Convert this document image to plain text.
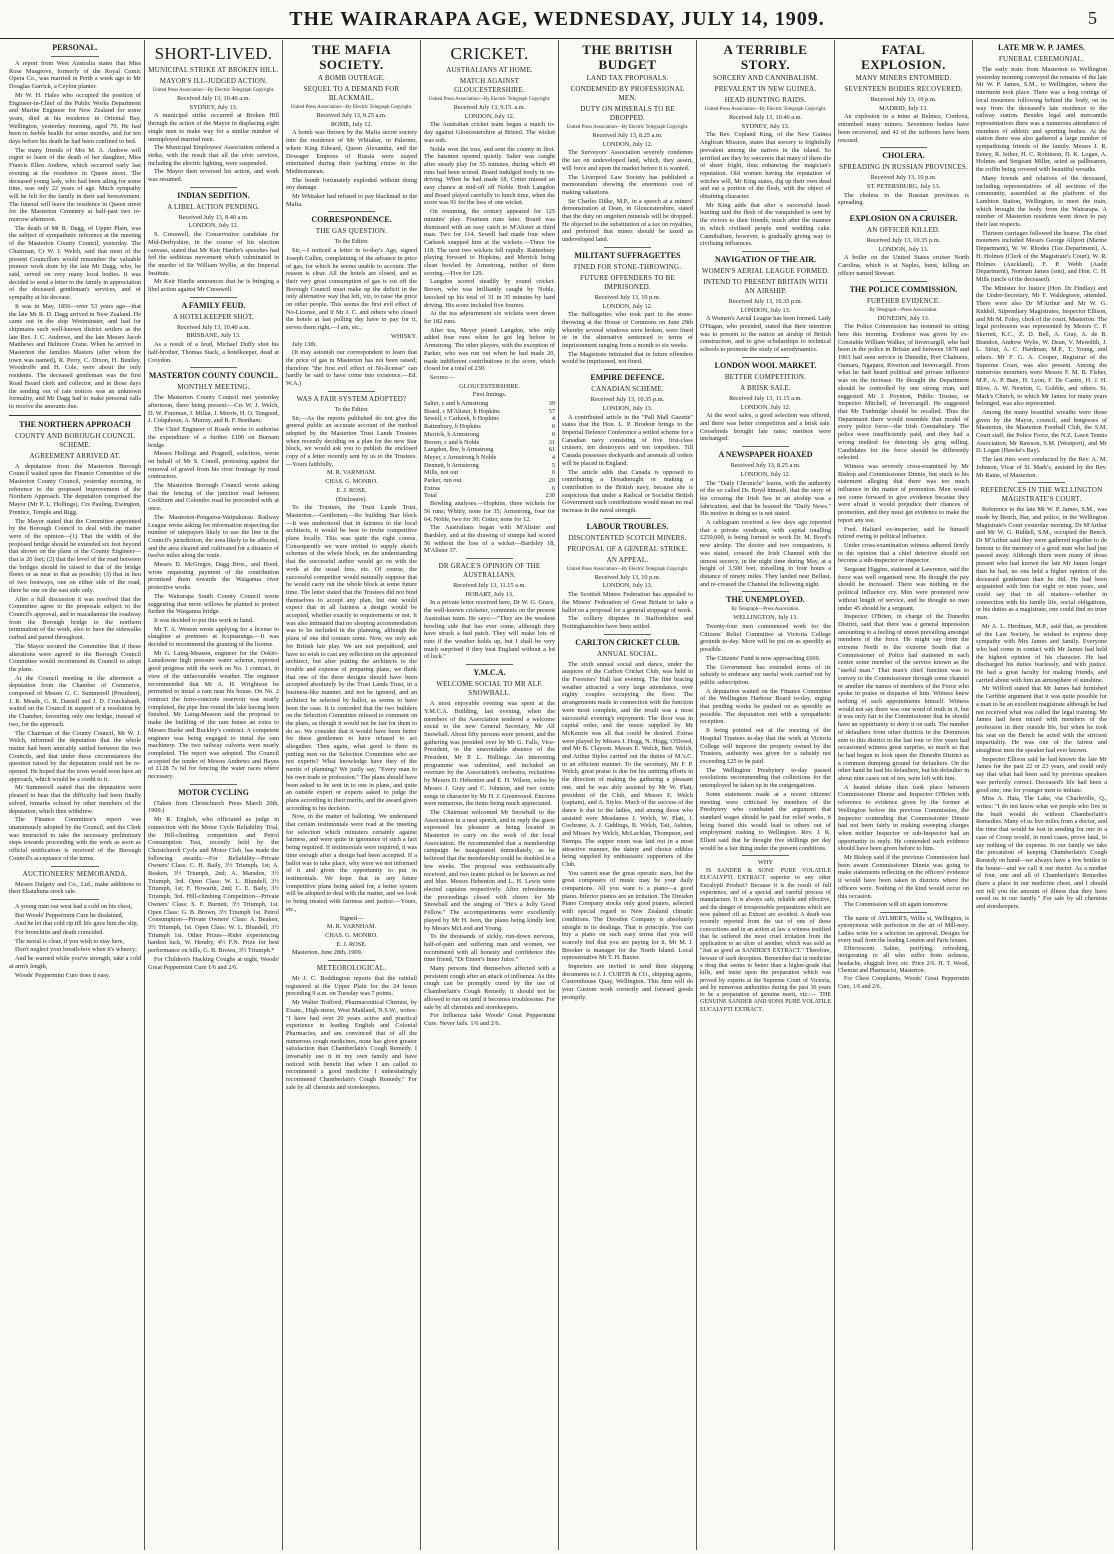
THE WAIRARAPA AGE, WEDNESDAY, JULY 14, 1909.	5
PERSONAL.

A report from West Australia states that Miss Rose Musgrove, formerly of the Royal Comic Opera Co., was married in Perth a week ago to Mr Douglas Garrick, a Ceylon planter.

Mr W. H. Hales who occupied the position of Engineer-in-Chief of the Public Works Department and Marine Engineer for New Zealand for some years, died at his residence in Oriental Bay, Wellington, yesterday morning, aged 79. He had been in feeble health for some months, and for ten days before his death he had been confined to bed.

The many friends of Mrs M. A. Andrew will regret to learn of the death of her daughter, Miss Francis Ellen Andrew, which occurred early last evening at the residence in Queen street. The deceased young lady, who had been ailing for some time, was only 22 years of age. Much sympathy will be felt for the family in their sad bereavement. The funeral will leave the residence in Queen street for the Masterton Cemetery at half-past two to-morrow afternoon.

The death of Mr R. Dagg, of Upper Plain, was the subject of sympathetic reference at the meeting of the Masterton County Council, yesterday. The Chairman, Cr W. J. Welch, said that most of the present Councillors would remember the valuable pioneer work done by the late Mr Dagg, who, he said, served on very many local bodies. It was decided to send a letter to the family in appreciation of the deceased gentleman's services, and of sympathy at his decease.

It was in May, 1856—over 53 years ago—that the late Mr R. D. Dagg arrived in New Zealand. He came out in the ship Westminster, and had for shipmates such well-known district settlers as the late Rev. J. C. Andrews, and the late Messrs Jacob Matthews and Helmore Crane. When he arrived in Masterton the families Masters (after whom the town was named), R. Perry, C. Dixon, H. Bentley, Woodroffe and H. Cole, were about the only residents. The deceased gentleman was the first Road Board clerk and collector, and in those days the sending out of rate notices was an unknown formality, and Mr Dagg had to make personal calls to receive the amounts due.

THE NORTHERN APPROACH
COUNTY AND BOROUGH COUNCIL SCHEME.
AGREEMENT ARRIVED AT.

A deputation from the Masterton Borough Council waited upon the Finance Committee of the Masterton County Council, yesterday morning, in reference to the proposed improvement of the Northern Approach. The deputation comprised the Mayor (Mr P. L. Hollings), Crs Pauling, Ewington, Prentice, Temple and Rigg.

The Mayor stated that the Committee appointed by the Borough Council to deal with the matter were of the opinion—(1) That the width of the proposed bridge should be extended six feet beyond that shown on the plans of the County Engineer—that is 20 feet; (2) that the level of the road between the bridges should be raised to that of the bridge floors or as near to that as possible; (3) that in lieu of two footways, one on either side of the road, there be one on the east side only.

After a full discussion it was resolved that the Committee agree to the proposals subject to the Council's approval, and to macadamise the roadway from the Borough bridge to the northern termination of the work, also to have the sidewalks curbed and paved throughout.

The Mayor secured the Committee that if these alterations were agreed to the Borough Council Committee would recommend its Council to adopt the plans.

At the Council meeting in the afternoon a deputation from the Chamber of Commerce, composed of Messrs G. C. Summerell (President), J. R. Meade, G. R. Daniell and J. D. Cruickshank, waited on the Council in support of a resolution by the Chamber, favouring only one bridge, instead of two, for the approach.

The Chairman of the County Council, Mr W. J. Welch, informed the deputation that the whole matter had been amicably settled between the two Councils, and that under these circumstances the question raised by the deputation could not be re-opened. He hoped that the town would soon have an approach, which would be a credit to it.

Mr Summerell stated that the deputation were pleased to hear that the difficulty had been finally solved, remarks echoed by other members of the deputation, which then withdrew.

The Finance Committee's report was unanimously adopted by the Council, and the Clerk was instructed to take the necessary preliminary steps towards proceeding with the work as soon as official notification is received of the Borough Council's acceptance of the terms.

AUCTIONEERS' MEMORANDA.

Messrs Dalgety and Co., Ltd., make additions to their Ekatahuna stock sale.

A young man out west had a cold on his chest,

But Woods' Peppermint Cure he disdained,

And he let that cold rip till life gave him the slip,

For bronchitis and death coincided.

The moral is clear, if you wish to stay here,

Don't neglect your breath-box when it's wheezy;

And be warned while you've strength, take a cold at arm's length,

Woods' Peppermint Cure does it easy.

SHORT-LIVED.
MUNICIPAL STRIKE AT BROKEN HILL.
MAYOR'S ILL-JUDGED ACTION.
United Press Association—By Electric Telegraph Copyright.
Received July 13, 10.40 a.m.
SYDNEY, July 13.

A municipal strike occurred at Broken Hill through the action of the Mayor in displacing eight single men to make way for a similar number of unemployed married men.

The Municipal Employees' Association ordered a strike, with the result that all the civic services, including the electric lighting, were suspended.

The Mayor then reversed his action, and work was resumed.

INDIAN SEDITION.
A LIBEL ACTION PENDING.
Received July 13, 8.40 a.m.
LONDON, July 12.

S. Cresswell, the Conservative candidate for Mid-Derbyshire, in the course of his election canvass, stated that Mr Keir Hardie's speeches had fed the seditious movement which culminated in the murder of Sir William Wyllie, at the Imperial Institute.

Mr Keir Hardie announces that he is bringing a libel action against Mr Cresswell.

A FAMILY FEUD.
A HOTELKEEPER SHOT.
Received July 13, 10.40 a.m.
BRISBANE, July 13.

As a result of a feud, Michael Duffy shot his half-brother, Thomas Stack, a hotelkeeper, dead at Croydon.

MASTERTON COUNTY COUNCIL.
MONTHLY MEETING.

The Masterton County Council met yesterday afternoon, there being present:—Crs W. J. Welch, D. W. Foreman, J. Millar, J. Morris, H. O. Tongood, J. Colquhoun, A. Murray, and R. F. Beetham.

The Chief Engineer of Roads wrote to authorise the expenditure of a further £100 on Burnam bridge.

Messrs Hollings and Pragnell, solicitors, wrote on behalf of Mr S. Conoll, protesting against the removal of gravel from his river frontage by road contractors.

The Masterton Borough Council wrote asking that the fencing of the junction road between Cockburn and Colombo road be proceeded with at once.

The Masterton-Pongaroa-Waipukurau Railway League wrote asking for information respecting the number of ratepayers likely to use the line in the Council's jurisdiction, the area likely to be affected, and the area cleared and cultivated for a distance of twelve miles along the route.

Messrs D. McGregor, Dagg Bros., and Hood, wrote requesting payment of the contribution promised them towards the Waiganua river protective works.

The Wairarapa South County Council wrote suggesting that more willows be planted to protect further the Waiganua bridge.

It was decided to put this work in hand.

Mr T. A. Weston wrote applying for a license to slaughter at premises at Kopuaranga.—It was decided to recommend the granting of the license.

Mr G. Laing-Meason, engineer for the Ookiri-Lansdowne high pressure water scheme, reported good progress with the work on No. 1 contract, in view of the unfavourable weather. The engineer recommended that Mr A. H. Wrightson be permitted to instal a ram near his house. On No. 2 contract the ferro-concrete reservoir was nearly completed, the pipe line round the lake having been finished. Mr Laing-Meason said the proposal to make the building of the ram house an extra to Messrs Burke and Buckley's contract. A competent engineer was being engaged to instal the ram machinery. The two railway culverts were nearly completed. The report was adopted. The Council accepted the tender of Messrs Andrews and Hayes of £128 7s 6d for fencing the water races where necessary.

MOTOR CYCLING

(Taken from Christchurch Press March 20th, 1909.)

Mr R. English, who officiated as judge in connection with the Motor Cycle Reliability Trial, the Hill-climbing competition and Petrol Consumption Test, recently held by the Christchurch Cycle and Motor Club, has made the following awards:—For Reliability—Private Owners' Class: C. H. Baily, 3½ Triumph, 1st; A. Beaken, 3½ Triumph, 2nd; A. Marsden, 3½ Triumph, 3rd. Open Class: W. L. Blundell, 3½ Triumph, 1st; F. Howarth, 2nd; C. E. Baily, 3½ Triumph, 3rd. Hill-climbing Competition—Private Owners' Class: S. F. Burnett, 3½ Triumph, 1st. Open Class: G. B. Brown, 3½ Triumph 1st. Petrol Consumption—Private Owners' Class: A. Beaken, 3½ Triumph, 1st. Open Class: W. L. Blundell, 3½ Triumph 1st. Other Prizes—Rider experiencing hardest luck, W. Hendry, 4½ F.N. Prize for best performance on hills, G. B. Brown, 3½ Triumph.*

For Children's Hacking Coughs at night, Woods' Great Peppermint Cure 1/6 and 2/6.

THE MAFIA SOCIETY.
A BOMB OUTRAGE.
SEQUEL TO A DEMAND FOR BLACKMAIL.
United Press Association—By Electric Telegraph Copyright.
Received July 13, 8.25 a.m.
ROME, July 12.

A bomb was thrown by the Mafia secret society into the residence of Mr Whitaker, in Palermo, where King Edward, Queen Alexandra, and the Dowager Empress of Russia were stayed entertained during their yachting cruise in the Mediterranean.

The bomb fortunately exploded without doing any damage.

Mr Whitaker had refused to pay blackmail to the Mafia.

CORRESPONDENCE.
THE GAS QUESTION.
To the Editor.

Sir,—I noticed a letter in to-day's Age, signed Joseph Cullen, complaining of the advance in price of gas, for which he seems unable to account. The reason is clear. All the hotels are closed, and as their very great consumption of gas is cut off the Borough Council must make up the deficit in the only alternative way that left, viz, to raise the price on other people. This seems the first evil effect of No-License, and if Mr J. C. and others who closed the hotels at last polling day have to pay for it, serves them right.—I am, etc.,

WHISKY.

July 13th.

(It may astonish our correspondent to learn that the price of gas in Masterton has not been raised; therefore "the first evil effect of No-license" can hardly be said to have come into existence.—Ed. W.A.)

WAS A FAIR SYSTEM ADOPTED?
To the Editor.

Sir,—As the reports published do not give the general public an accurate account of the method adopted by the Masterton Trust Lands Trustees when recently deciding on a plan for the new Star block, we would ask you to publish the enclosed copy of a letter recently sent by us to the Trustees.—Yours faithfully,

M. R. VARNHAM.
CHAS. G. MONRO.
E. J. ROSE.
(Enclosure).

To the Trustees, the Trust Lands Trust, Masterton.—Gentlemen,—Re building Star block—It was understood that in fairness to the local architects, it would be best to invite competitive plans locally. This was quite the right course. Consequently we were invited to supply sketch schemes of the whole block, on the understanding that the successful author would go on with the work at the usual fees, etc. Of course, the successful competitor would naturally suppose that he would carry out the whole block at some future time. The letter stated that the Trustees did not bind themselves to accept any plan, but one would expect that in all fairness a design would be accepted, whether exactly to requirements or not. It was also intimated that no sleeping accommodation was to be included in the planning, although the plans of one did contain some. Now, we only ask for British fair play. We are not prejudiced, and have no wish to cast any reflection on the appointed architect, but after putting the architects to the trouble and expense of preparing plans, we think that one of the three designs should have been accepted absolutely by the Trust Lands Trust, in a business-like manner, and not be ignored, and an architect be selected by ballot, as seems to have been the case. It is conceded that the two builders on the Selection Committee refused to comment on the plans, as though it would not be fair for them to do so. We consider that it would have been better for these gentlemen to have refused to act altogether. Then again, what good is there in putting men on the Selection Committee who are not experts? What knowledge have they of the merits of planning? We justly say, "Every man to his own trade or profession." The plans should have been asked to be sent in to one in plans, and quite an outside expert or experts asked to judge the plans according to their merits, and the award given according to his decision.

Now, in the matter of balloting. We understand that certain testimonials were read at the meeting for selection which ministers certainly against fairness, and were quite in ignorance of such a fact being required. If testimonials were required, it was time enough after a design had been accepted. If a ballot was to take place, why were we not informed of it and given the opportunity to put in testimonials. We hope that in any future competitive plans being asked for, a better system will be adopted to deal with the matter, and we look to being treated with fairness and justice.—Yours, etc.,

Signed—
M. R. VARNHAM.
CHAS. G. MONRO.
E. J. ROSE.

Masterton, June 28th, 1909.

METEOROLOGICAL.

Mr J. C. Boddington reports that the rainfall registered at the Upper Plain for the 24 hours preceding 9 a.m. on Tuesday was 7 points.

Mr Walter Trafford, Pharmaceutical Chemist, by Exam., High-street, West Maitland, N.S.W., writes: "I have had over 20 years active and practical experience in leading English and Colonial Pharmacies, and am convinced that of all the numerous cough medicines, none has given greater satisfaction than Chamberlain's Cough Remedy. I invariably use it in my own family and have noticed with benefit that when I am called to recommend a good medicine I unhesitatingly recommend Chamberlain's Cough Remedy." For sale by all chemists and storekeepers.

CRICKET.
AUSTRALIANS AT HOME.
MATCH AGAINST GLOUCESTERSHIRE.
United Press Association—By Electric Telegraph Copyright.
Received July 13, 9.15. a.m.
LONDON, July 12.

The Australian cricket team began a match to-day against Gloucestershire at Bristol. The wicket was soft.

Noble won the toss, and sent the county in first. The batsmen opened quietly. Salter was caught after steady play for 55 minutes, during which 49 runs had been scored. Board indulged freely in on-driving. When he had made 18, Cotter missed an easy chance at mid-off off Noble. Both Langdon and Board played carefully to lunch time, when the score was 91 for the loss of one wicket.

On resuming, the century appeared for 125 minutes' play. Fourteen runs later, Board was dismissed with an easy catch to M'Alister at third man. Two for 114. Sewell had made four when Carkeek snapped him at the wickets.—Three for 118. The next two wickets fell rapidly. Rattenbury playing forward to Hopkins, and Merrick being clean bowled by Armstrong, neither of them scoring.—Five for 129.

Langdon scored steadily by sound cricket. Brown, who was brilliantly caught by Noble, knocked up his total of 31 in 35 minutes by hard driving. His score included five fourers.

At the tea adjournment six wickets were down for 182 runs.

After tea, Meyer joined Langdon, who only added four runs when he got leg before to Armstrong. The other players, with the exception of Parker, who was run out when he had made 20, made indifferent contributions to the score, which closed for a total of 230.

Scores:—

GLOUCESTERSHIRE.
First Innings.
Salter, c and b Armstrong	39
Board, c M'Alister, b Hopkins	57
Sewell, c Carkeek, b Hopkins	4
Rattenbury, b Hopkins	0
Merrick, b Armstrong	0
Brown, c and b Noble	31
Langdon, lbw, b Armstrong	61
Meyer, c Armstrong b Noble	4
Dennett, b Armstrong	5
Mills, not out	0
Parker, run out	20
Extras	6
Total	230

Bowling analyses.—Hopkins, three wickets for 56 runs; Whitty, none for 35; Armstrong, four for 64; Noble, two for 30; Cotter, none for 12.

The Australians began with M'Alister and Bardsley, and at the drawing of stumps had scored 56 without the loss of a wicket—Bardsley 18, M'Alister 37.

DR GRACE'S OPINION OF THE AUSTRALIANS.
Received July 13, 11.15 a.m.
HOBART, July 13.

In a private letter received here, Dr W. G. Grace, the well-known cricketer, comments on the present Australian team. He says:—"They are the weakest bowling side that has ever come, although they have struck a bad patch. They will make lots of runs if the weather holds up, but I shall be very much surprised if they beat England without a lot of luck."

Y.M.C.A.
WELCOME SOCIAL TO MR ALF. SNOWBALL.

A most enjoyable evening was spent at the Y.M.C.A. Building, last evening, when the members of the Association tendered a welcome social to the new General Secretary, Mr Alf Snowball. About fifty persons were present, and the gathering was presided over by Mr G. Falls, Vice-President, in the unavoidable absence of the President, Mr P. L. Hollings. An interesting programme was submitted, and included an overture by the Association's orchestra, recitations by Messrs D. Hebenton and E. H. Wilson, solos by Messrs J. Gray and C. Johnson, and two comic songs in character by Mr H. J. Greenwood. Encores were numerous, the items being much appreciated.

The Chairman welcomed Mr Snowball to the Association in a neat speech, and in reply the guest expressed his pleasure at being located in Masterton to carry on the work of the local Association. He recommended that a membership campaign be inaugurated immediately, as he believed that the membership could be doubled in a few weeks. The proposal was enthusiastically received, and two teams picked to be known as red and blue. Messrs Hebenton and L. H. Lewis were elected captains respectively. After refreshments the proceedings closed with cheers for Mr Snowball and the singing of "He's a Jolly Good Fellow." The accompaniments were excellently played by Mr H. Ison, the piano being kindly lent by Messrs McLeod and Young.

To the thousands of sickly, run-down nervous, half-of-pain and suffering man and women, we recommend with all honesty and confidence this time friend, "Dr Ennor's Inner Juice."

Many persons find themselves affected with a persistent cough after an attack of influenza. As this cough can be promptly cured by the use of Chamberlain's Cough Remedy, it should not be allowed to run on until it becomes troublesome. For sale by all chemists and storekeepers.

For Influenza take Woods' Great Peppermint Cure. Never fails. 1/6 and 2/6.

THE BRITISH BUDGET
LAND TAX PROPOSALS.
CONDEMNED BY PROFESSIONAL MEN.
DUTY ON MINERALS TO BE DROPPED.
United Press Association—By Electric Telegraph Copyright.
Received July 13, 8.25 a.m.
LONDON, July 12.

The Surveyors' Association severely condemns the tax on undeveloped land, which, they assert, will force and upon the market before it is wanted.

The Liverpool Law Society has published a memorandum showing the enormous cost of making valuations.

Sir Charles Dilke, M.P., in a speech at a miners' demonstration at Dean, in Gloucestershire, stated that the duty on ungotten minerals will be dropped. He objected to the substitution of a tax on royalties, and preferred that mines should be taxed as undeveloped land.

MILITANT SUFFRAGETTES
FINED FOR STONE-THROWING.
FUTURE OFFENDERS TO BE IMPRISONED.
Received July 13, 10 p.m.
LONDON, July 12.

The Suffragettes who took part in the stone-throwing at the House of Commons on June 29th whereby several windows were broken, were fined or in the alternative sentenced to terms of imprisonment ranging from a month to six weeks.

The Magistrate intimated that in future offenders would be imprisoned, not fined.

EMPIRE DEFENCE.
CANADIAN SCHEME.
Received July 13, 10.35 p.m.
LONDON, July 13.

A contributed article in the "Pall Mall Gazette" states that the Hon. L. P. Brodeur brings to the Imperial Defence Conference a settled scheme for a Canadian navy consisting of five first-class cruisers, ten destroyers and ten torpedoes. Till Canada possesses dockyards and arsenals all orders will be placed in England.

The article adds that Canada is opposed to contributing a Dreadnought or making a contribution to the British navy, because she is suspicious that under a Radical or Socialist British Government such contributions would mean no real increase in the naval strength.

LABOUR TROUBLES.
DISCONTENTED SCOTCH MINERS.
PROPOSAL OF A GENERAL STRIKE.
AN APPEAL.
United Press Association—By Electric Telegraph Copyright.
Received July 13, 10 p.m.
LONDON, July 13.

The Scottish Miners Federation has appealed to the Miners' Federation of Great Britain to take a ballot on a proposal for a general stoppage of work.

The colliery disputes in Staffordshire and Nottinghamshire have been settled.

CARLTON CRICKET CLUB.
ANNUAL SOCIAL.

The sixth annual social and dance, under the auspices of the Carlton Cricket Club, was held in the Foresters' Hall last evening. The fine bracing weather attracted a very large attendance, over eighty couples occupying the floor. The arrangements made in connection with the function were most complete, and the result was a most successful evening's enjoyment. The floor was in capital order, and the music supplied by Mr McKenzie was all that could be desired. Extras were played by Misses J. Hogg, N. Hogg, O'Dowd, and Mr B. Clayson. Messrs E. Welch, Bert. Welch, and Arthur Styles carried out the duties of M.'s.C. in an efficient manner. To the secretary, Mr F. P. Welch, great praise is due for his untiring efforts in the direction of making the gathering a pleasant one, and he was ably assisted by Mr W. Platt, president of the Club, and Messrs E. Welch (captain), and A. Styles. Much of the success of the dance is due to the ladies, and among those who assisted were Mesdames J. Welch, W. Platt, J. Cochrane, A. J. Giddings, B. Welch, Tait, Ashton, and Misses Ivy Welch, McLachlan, Thompson, and Stempa. The supper room was laid out in a most attractive manner, the dainty and choice edibles being supplied by enthusiastic supporters of the Club.

You cannot near the great operatic stars, but the great composers of music may be your daily companions. All you want is a piano—a good piano. Inferior pianos are an irritation. The Dresden Piano Company stocks only good pianos, selected with special regard to New Zealand climatic conditions. The Dresden Company is absolutely straight in its dealings. That is principle. You can buy a piano on such easy terms that you will scarcely feel that you are paying for it. Mr M. J. Brooker is manager for the North Island. Local representative Mr T. H. Baxter.

Importers are invited to send their shipping documents to J. J. CURTIS & CO., shipping agents, Customhouse Quay, Wellington. This firm will do your Custom work correctly and forward goods promptly.

A TERRIBLE STORY.
SORCERY AND CANNIBALISM.
PREVALENT IN NEW GUINEA.
HEAD HUNTING RAIDS.
United Press Association—By Electric Telegraph Copyright.
Received July 13, 10.40 a.m.
SYDNEY, July 13.

The Rev. Copland King, of the New Guinea Anglican Mission, states that sorcery is frightfully prevalent among the natives in the island. So terrified are they by sorcerers that many of them die of sheer fright, thus enhancing the magician's reputation. Old women having the reputation of witches will, Mr King states, dig up their own dead and eat a portion of the flesh, with the object of obtaining character.

Mr King adds that after a successful head-hunting raid the flesh of the vanquished is sent by the victors to their friends, much after the manner in which civilised people send wedding cake. Cannibalism, however, is gradually giving way to civilising influences.

NAVIGATION OF THE AIR.
WOMEN'S AERIAL LEAGUE FORMED.
INTEND TO PRESENT BRITAIN WITH AN AIRSHIP.
Received July 13, 10.35 p.m.
LONDON, July 13.

A Women's Aerial League has been formed. Lady O'Hagan, who presided, stated that their intention was to present to the nation an airship of British construction, and to give scholarships to technical schools to promote the study of aerodynamics.

LONDON WOOL MARKET.
BETTER COMPETITION.
A BRISK SALE.
Received July 13, 11.15 a.m.
LONDON, July 12.

At the wool sales, a good selection was offered, and there was better competition and a brisk sale. Crossbreds brought late rates; merinos were unchanged.

A NEWSPAPER HOAXED
Received July 13, 8.25 a.m.
LONDON, July 12.

The "Daily Chronicle" learns, with the authority of the so called Dr. Boyd himself, that the story of his crossing the Irish Sea in an airship was a fabrication, and that he hoaxed the "Daily News." His motive in doing so is not stated.

A cablegram received a few days ago reported that a private syndicate, with capital totalling £250,000, is being formed to work Dr. M. Boyd's new airship. The doctor and two companions, it was stated, crossed the Irish Channel with the utmost secrecy, in the night time during May, at a height of 3,500 feet, travelling in four hours a distance of ninety miles. They landed near Belfast, and re-crossed the Channel the following night.

THE UNEMPLOYED.
By Telegraph—Press Association.
WELLINGTON, July 13.

Twenty-four men commenced work for the Citizens' Relief Committee at Victoria College grounds to-day. More will be put on as speedily as possible.

The Citizens' Fund is now approaching £600.

The Government has extended terms of its subsidy to embrace any useful work carried out by public subscription.

A deputation waited on the Finance Committee of the Wellington Harbour Board to-day, urging that pending works be pushed on as speedily as possible. The deputation met with a sympathetic reception.

It being pointed out at the meeting of the Hospital Trustees to-day that the work at Victoria College will improve the property owned by the Trustees, authority was given for a subsidy not exceeding £25 to be paid.

The Wellington Presbytery to-day passed resolutions recommending that collections for the unemployed be taken up in the congregations.

Some statements made at a recent citizens' meeting were criticised by members of the Presbytery who combated the argument that standard wages should be paid for relief works, it being feared this would lead to others out of employment rushing to Wellington. Rev. J. K. Elliott said that he thought five shillings per day would be a fair thing under the present conditions.

WHY

IS SANDER & SONS' PURE VOLATILE EUCALYPTI EXTRACT superior to any other Eucalypti Product? Because it is the result of full experience, and of a special and careful process of manufacture. It is always safe, reliable and effective, and the danger of irresponsible preparations which are now palmed off as Extract are avoided. A death was recently reported from the use of one of these concoctions and in an action at law a witness testified that he suffered the most cruel irritation from the application to an ulcer of another, which was sold as "Just as good as SANDER'S EXTRACT." Therefore, beware of such deception. Remember that in medicine a drug that seems to better than a higher-grade that kills, and insist upon the preparation which was proved by experts at the Supreme Court of Victoria, and by numerous authorities during the past 30 years to be a preparation of genuine merit, viz.:— THE GENUINE SANDER AND SONS PURE VOLATILE EUCALYPTI EXTRACT.

FATAL EXPLOSION.
MANY MINERS ENTOMBED.
SEVENTEEN BODIES RECOVERED.
Received July 13, 10 p.m.
MADRID, July 13.

An explosion in a mine at Belmez, Cordova, entombed many miners. Seventeen bodies have been recovered, and 42 of the sufferers have been rescued.

CHOLERA.
SPREADING IN RUSSIAN PROVINCES.
Received July 13, 10 p.m.
ST. PETERSBURG, July 13.

The cholera in the Russian provinces is spreading.

EXPLOSION ON A CRUISER.
AN OFFICER KILLED.
Received July 13, 10.35 p.m.
LONDON, July 13.

A boiler on the United States cruiser North Carolina, which is at Naples, burst, killing an officer named Stewart.

THE POLICE COMMISSION.
FURTHER EVIDENCE.
By Telegraph—Press Association.
DUNEDIN, July 13.

The Police Commission has resumed its sitting here this morning. Evidence was given by ex-Constable William Walker, of Invercargill, who had been in the police in Britain and between 1878 and 1903 had seen service in Dunedin, Port Chalmers, Oamaru, Ngapara, Riverton and Invercargill. From what he had heard political and private influence was on the increase. He thought the Department should be controlled by one strong man, and suggested Mr J. Poynton, Public Trustee, or Inspector Mitchell, of Invercargill. He suggested that Mr Tunbridge should be recalled. Thus the Department there would resemble that model of every police force—the Irish Constabulary. The police were insufficiently paid, and they had a wrong method for detecting sly grog selling. Candidates for the force should be differently selected.

Witness was severely cross-examined by Mr Bishop and Commissioner Dinnie, but stuck to his statement alleging that there was too much influence in the matter of promotion. Men would not come forward to give evidence because they were afraid it would prejudice their chances of promotion, and they must get evidence to make the report any use.

Fred. Haliard ex-inspector, said he himself retired owing to political influence.

Under cross-examination witness adhered firmly to the opinion that a chief detective should not become a sub-inspector or inspector.

Sergeant Higgins, stationed at Lawrence, said the force was well organised now. He thought the pay should be increased. There was nothing in the political influence cry. Men were promoted now without length of service, and he thought no man under 45 should be a sergeant.

Inspector O'Brien, in charge of the Dunedin District, said that there was a general impression amounting to a feeling of unrest prevailing amongst members of the force. He might say from the extreme North to the extreme South that a Commissioner of Police had stationed in each centre some member of the service known as the "useful man." That man's chief function was to convey to the Commissioner through some channel or another the names of members of the Force who spoke in praise or disparise of him. Witness knew nothing of such appointments himself. Witness would not say there was one word of truth in it, but it was only fair to the Commissioner that he should have an opportunity to deny it on oath. The number of defaulters from other districts in the Dominion sent to this district in the last four or five years had occasioned witness great surprise, so much so that he had begun to look upon the Dunedin District as a common dumping ground for defaulters. On the other hand he had his defaulters, but his defaulter in about nine cases out of ten, were left with him.

A heated debate then took place between Commissioner Dinnie and Inspector O'Brien with reference to evidence given by the former at Wellington before the previous Commission, the Inspector contending that Commissioner Dinnie had not been fairly in making sweeping charges when neither Inspector or sub-Inspector had an opportunity to reply. He contended such evidence should have been given before to him.

Mr Bishop said if the previous Commission had been aware Commissioner Dinnie was going to make statements reflecting on the officers' evidence it would have been taken in districts where the officers were. Nothing of the kind would occur on this occasion.

The Commission will sit again tomorrow.

The name of AYLMER'S, Willis st, Wellington, is synonymous with perfection in the art of Mill-nery. Ladies write for a selection on approval. Designs for every mail from the leading London and Paris houses.

Effervescent Saline, purifying, refreshing, invigorating to all who suffer from sickness, headache, sluggish liver, etc. Price 2/6. H. T. Wood, Chemist and Pharmacist, Masterton.

For Chest Complaints, Woods' Great Peppermint Cure, 1/6 and 2/6.

LATE MR W. P. JAMES.
FUNERAL CEREMONIAL.

The early train from Masterton to Wellington yesterday morning conveyed the remains of the late Mr W. P. James, S.M., to Wellington, where the interment took place. There was a long cortège of local mourners following behind the body, on its way from the deceased's late residence to the railway station. Besides legal and mercantile representatives there was a numerous attendance of members of athletic and sporting bodies. At the station there was also gathered a large number of sympathising friends of the family. Messrs J. R. Eeney, R. Iether, H. C. Robinson, D. K. Logan, A. Holmes and Sergeant Miller, acted as pallbearers, the coffin being covered with beautiful wreaths.

Many friends and relatives of the deceased, including representatives of all sections of the community, assembled at the platform of the Lambton Station, Wellington, to meet the train, which brought the body from the Wairarapa. A number of Masterton residents went down to pay their last respects.

Thirteen carriages followed the hearse. The chief mourners included Messrs George Allport (Marine Department), W. W. Rhodes (Tax Department), A. H. Holmes (Clerk of the Magistrate's Court), W. R. Holmes (Auckland), F. P. Webb (Audit Department), Norman James (son), and Hon. C. H. Mills (uncle of the deceased).

The Minister for Justice (Hon. Dr Findlay) and the Under-Secretary, Mr F. Waldegrave, attended. There were also Dr M'Arthur and Mr W. G. Riddell, Stipendiary Magistrates, Inspector Ellison, and Mr M. Foley, clerk of the court, Masterton. The legal profession was represented by Messrs C. P. Skerrett, K.C., Z. D. Bell, A. Gray, A. de B. Brandon, Andrew Wylie, W. Dean, V. Meredith, J. L. Stout, A. C. Hardman, M.P., T. Young, and others. Mr F. G. A. Cooper, Registrar of the Supreme Court, was also present. Among the numerous mourners were Messrs F. M. B. Fisher, M.P., A. P. Bate, H. Lyon, F. De Castro, H. J. H. Blow, A. W. Newton, G. Gobble, and others. St. Mark's Church, to which Mr James for many years belonged, was also represented.

Among the many beautiful wreaths were those given by the Mayor, council, and burgesses of Masterton, the Masterton Football Club, the S.M. Court staff, the Police Force, the N.Z. Lawn Tennis Association, Mr Rawson, S.M. (Westport), and Mr D. Logan (Hawke's Bay).

The last rites were conducted by the Rev. A. M. Johnson, Vicar of St. Mark's, assisted by the Rev. Mr Raine, of Masterton.

REFERENCES IN THE WELLINGTON MAGISTRATE'S COURT.

Reference to the late Mr W. P. James, S.M., was made by Bench, Bar, and police, in the Wellington Magistrate's Court yesterday morning. Dr M'Arthur and Mr W. G. Riddell, S.M., occupied the Bench. Dr M'Arthur said they were gathered together to do honour to the memory of a good man who had just passed away. Although there were many of those present who had known the late Mr James longer than he had, no one held a higher opinion of the deceased gentleman than he did. He had been acquainted with him for eight or nine years, and could say that in all matters—whether in connection with his family life, social obligations, or his duties as a magistrate, one could find no truer man.

Mr A. L. Herdman, M.P., said that, as president of the Law Society, he wished to express deep sympathy with Mrs James and family. Everyone who had come in contact with Mr James had held the highest opinion of his character. He had discharged his duties fearlessly, and with justice. He had a great faculty for making friends, and carried about with him an atmosphere of sunshine.

Mr Wilford stated that Mr James had furnished the Gerbbie argument that it was quite possible for a man to be an excellent magistrate although he had not received what was called the legal training. Mr James had been mixed with members of the profession in their outside life, but when he took his seat on the Bench he acted with the strictest impartiality. He was one of the fairest and straightest men the speaker had ever known.

Inspector Ellison said he had known the late Mr James for the past 22 or 23 years, and could only say that what had been said by previous speakers was perfectly correct. Deceased's life had been a good one; one for younger men to imitate.

Miss A. Hata, The Lake, via Charleville, Q., writes: "I do not know what we people who live in the bush would do without Chamberlain's Remedies. Many of us live miles from a doctor, and the time that would be lost in sending for one in a case of Croup would, in most cases, prove fatal, to say nothing of the expense. In our family we take the precaution of keeping Chamberlain's Cough Remedy on hand—we always have a few bottles in the house—and we call it our doctor. As a mother of four, one and all of Chamberlain's Remedies (have a place in our medicine chest, and I should not tell you the amount of illness that they have saved us in our family." For sale by all chemists and storekeepers.
